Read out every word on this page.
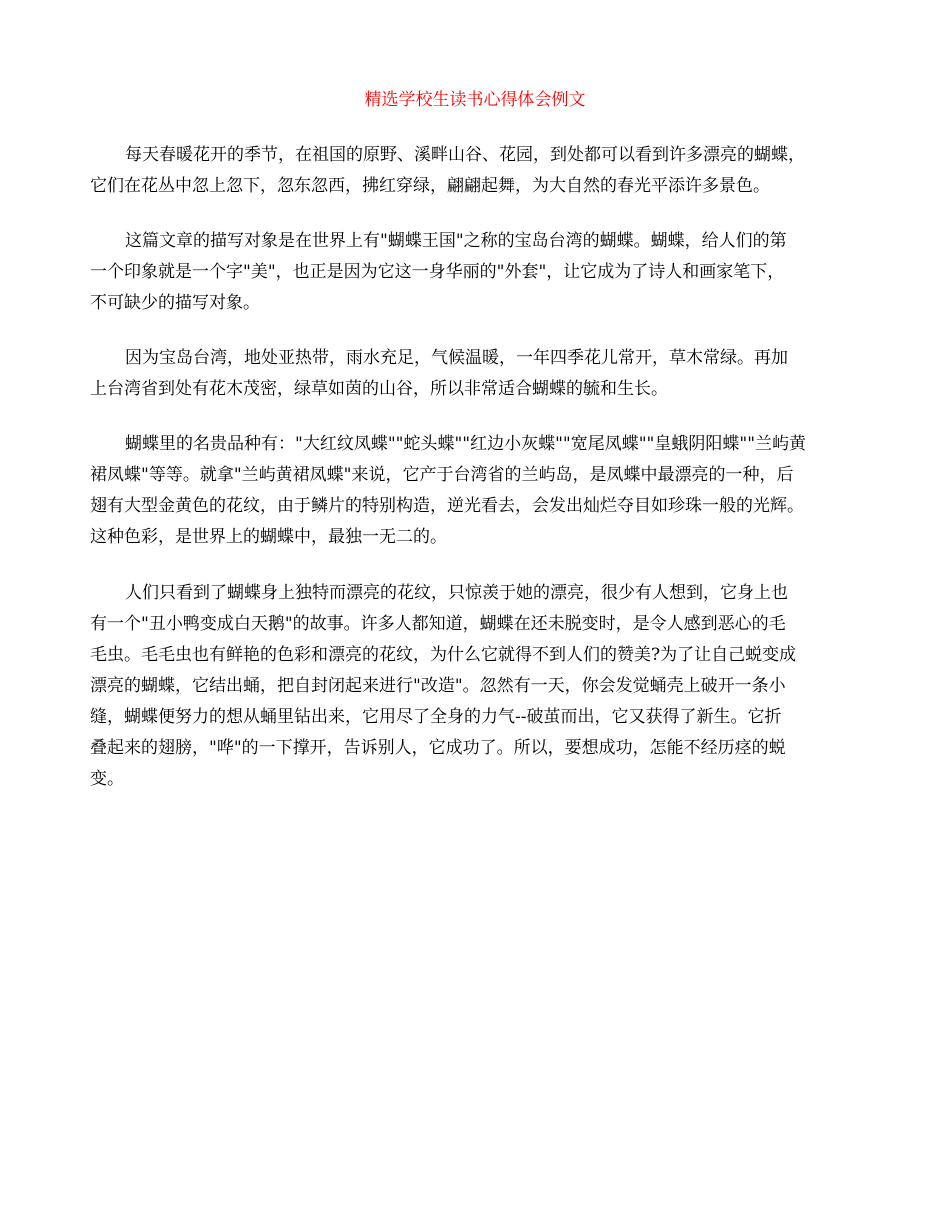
精选学校生读书心得体会例文
每天春暖花开的季节，在祖国的原野、溪畔山谷、花园，到处都可以看到许多漂亮的蝴蝶，
它们在花丛中忽上忽下，忽东忽西，拂红穿绿，翩翩起舞，为大自然的春光平添许多景色。
这篇文章的描写对象是在世界上有"蝴蝶王国"之称的宝岛台湾的蝴蝶。蝴蝶，给人们的第
一个印象就是一个字"美"，也正是因为它这一身华丽的"外套"，让它成为了诗人和画家笔下，
不可缺少的描写对象。
因为宝岛台湾，地处亚热带，雨水充足，气候温暖，一年四季花儿常开，草木常绿。再加
上台湾省到处有花木茂密，绿草如茵的山谷，所以非常适合蝴蝶的毓和生长。
蝴蝶里的名贵品种有："大红纹凤蝶""蛇头蝶""红边小灰蝶""宽尾凤蝶""皇蛾阴阳蝶""兰屿黄
裙凤蝶"等等。就拿"兰屿黄裙凤蝶"来说，它产于台湾省的兰屿岛，是凤蝶中最漂亮的一种，后
翅有大型金黄色的花纹，由于鳞片的特别构造，逆光看去，会发出灿烂夺目如珍珠一般的光辉。
这种色彩，是世界上的蝴蝶中，最独一无二的。
人们只看到了蝴蝶身上独特而漂亮的花纹，只惊羡于她的漂亮，很少有人想到，它身上也
有一个"丑小鸭变成白天鹅"的故事。许多人都知道，蝴蝶在还未脱变时，是令人感到恶心的毛
毛虫。毛毛虫也有鲜艳的色彩和漂亮的花纹，为什么它就得不到人们的赞美?为了让自己蜕变成
漂亮的蝴蝶，它结出蛹，把自封闭起来进行"改造"。忽然有一天，你会发觉蛹壳上破开一条小
缝，蝴蝶便努力的想从蛹里钻出来，它用尽了全身的力气--破茧而出，它又获得了新生。它折
叠起来的翅膀，"哗"的一下撑开，告诉别人，它成功了。所以，要想成功，怎能不经历痉的蜕
变。
